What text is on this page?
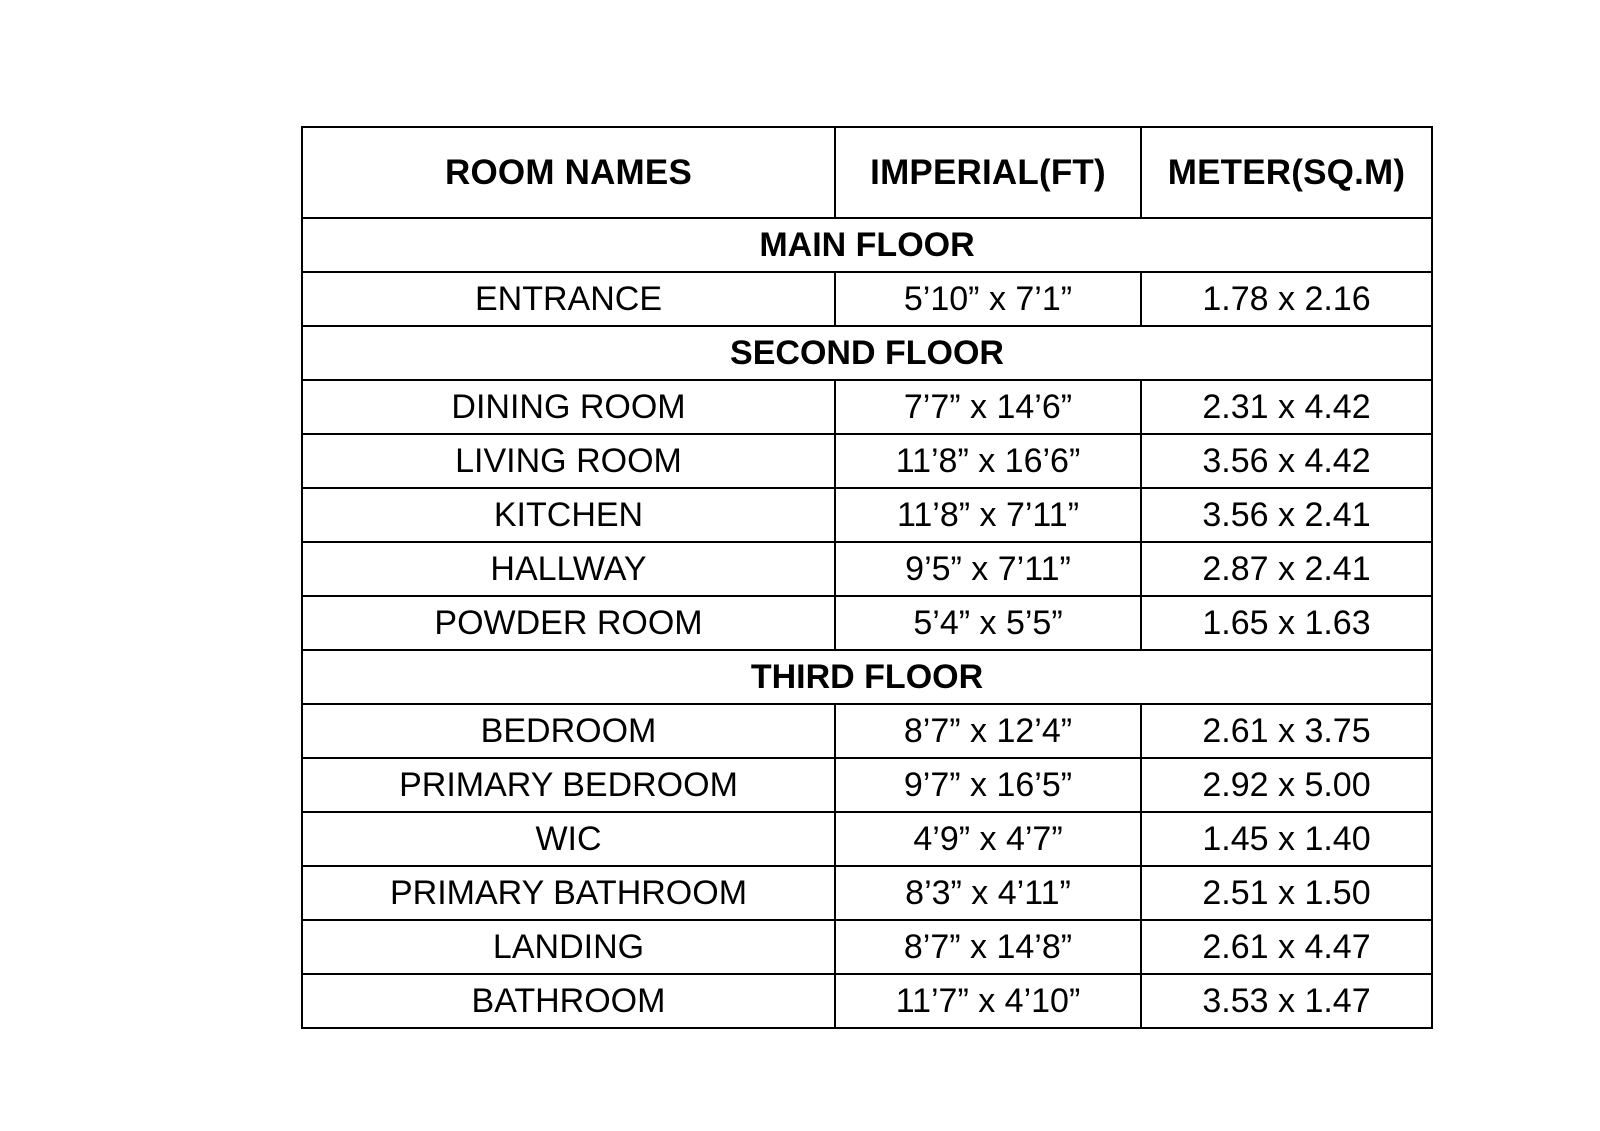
ROOM NAMES	IMPERIAL(FT)	METER(SQ.M)
MAIN FLOOR		
ENTRANCE	5’10” x 7’1”	1.78 x 2.16
SECOND FLOOR		
DINING ROOM	7’7” x 14’6”	2.31 x 4.42
LIVING ROOM	11’8” x 16’6”	3.56 x 4.42
KITCHEN	11’8” x 7’11”	3.56 x 2.41
HALLWAY	9’5” x 7’11”	2.87 x 2.41
POWDER ROOM	5’4” x 5’5”	1.65 x 1.63
THIRD FLOOR		
BEDROOM	8’7” x 12’4”	2.61 x 3.75
PRIMARY BEDROOM	9’7” x 16’5”	2.92 x 5.00
WIC	4’9” x 4’7”	1.45 x 1.40
PRIMARY BATHROOM	8’3” x 4’11”	2.51 x 1.50
LANDING	8’7” x 14’8”	2.61 x 4.47
BATHROOM	11’7” x 4’10”	3.53 x 1.47
